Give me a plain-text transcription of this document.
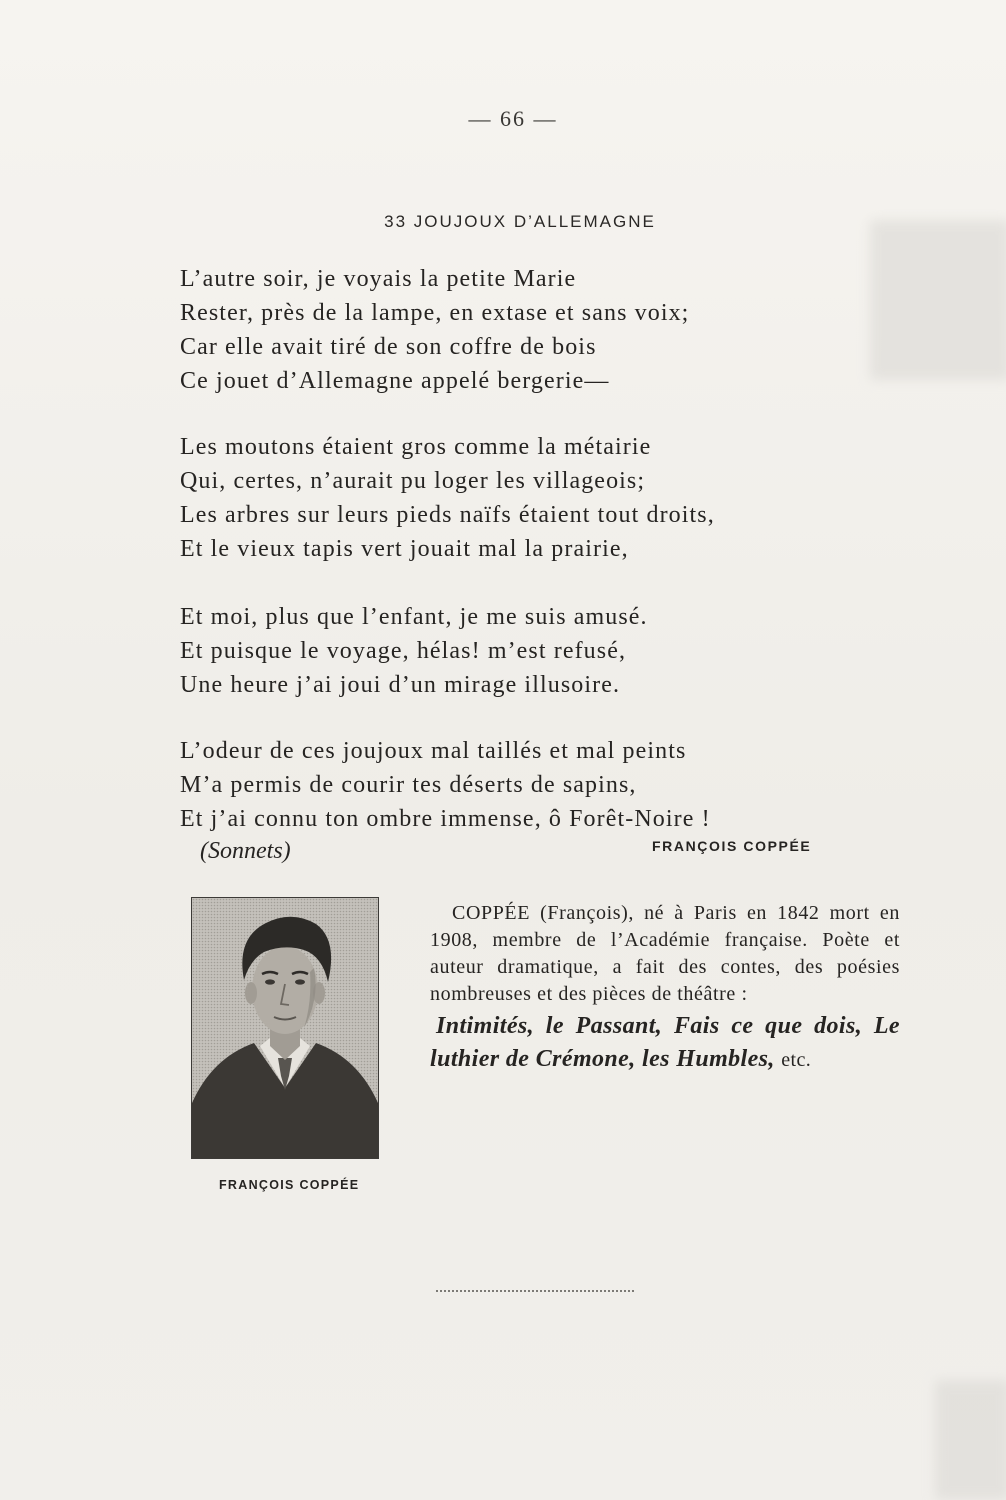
— 66 —
33 JOUJOUX D’ALLEMAGNE
L’autre soir, je voyais la petite Marie
Rester, près de la lampe, en extase et sans voix;
Car elle avait tiré de son coffre de bois
Ce jouet d’Allemagne appelé bergerie—
Les moutons étaient gros comme la métairie
Qui, certes, n’aurait pu loger les villageois;
Les arbres sur leurs pieds naïfs étaient tout droits,
Et le vieux tapis vert jouait mal la prairie,
Et moi, plus que l’enfant, je me suis amusé.
Et puisque le voyage, hélas! m’est refusé,
Une heure j’ai joui d’un mirage illusoire.
L’odeur de ces joujoux mal taillés et mal peints
M’a permis de courir tes déserts de sapins,
Et j’ai connu ton ombre immense, ô Forêt-Noire !
(Sonnets)	FRANÇOIS COPPÉE
FRANÇOIS COPPÉE

COPPÉE (François), né à Paris en 1842 mort en 1908, membre de l’Académie française. Poète et auteur dramatique, a fait des contes, des poésies nombreuses et des pièces de théâtre :

Intimités, le Passant, Fais ce que dois, Le luthier de Crémone, les Humbles, etc.
